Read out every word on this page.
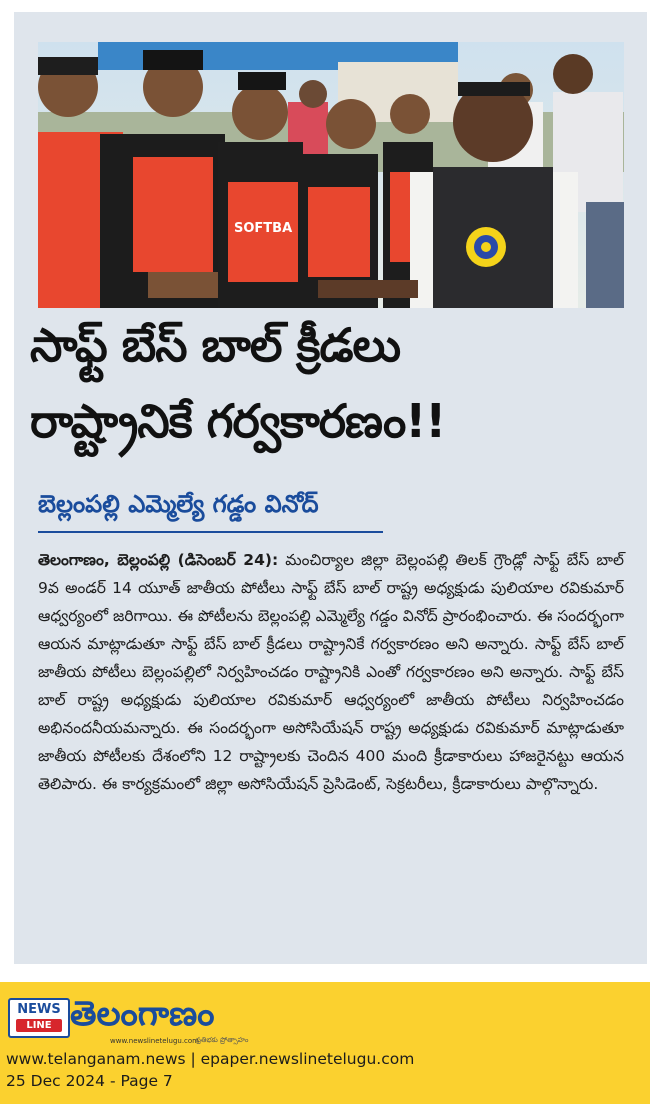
SOFTBA
సాఫ్ట్ బేస్ బాల్ క్రీడలు
రాష్ట్రానికే గర్వకారణం!!
బెల్లంపల్లి ఎమ్మెల్యే గడ్డం వినోద్
తెలంగాణం, బెల్లంపల్లి (డిసెంబర్ 24): మంచిర్యాల జిల్లా బెల్లంపల్లి తిలక్ గ్రౌండ్లో సాఫ్ట్ బేస్ బాల్ 9వ అండర్ 14 యూత్ జాతీయ పోటీలు సాఫ్ట్ బేస్ బాల్ రాష్ట్ర అధ్యక్షుడు పులియాల రవికుమార్ ఆధ్వర్యంలో జరిగాయి. ఈ పోటీలను బెల్లంపల్లి ఎమ్మెల్యే గడ్డం వినోద్ ప్రారంభించారు. ఈ సందర్భంగా ఆయన మాట్లాడుతూ సాఫ్ట్ బేస్ బాల్ క్రీడలు రాష్ట్రానికే గర్వకారణం అని అన్నారు. సాఫ్ట్ బేస్ బాల్ జాతీయ పోటీలు బెల్లంపల్లిలో నిర్వహించడం రాష్ట్రానికి ఎంతో గర్వకారణం అని అన్నారు. సాఫ్ట్ బేస్ బాల్ రాష్ట్ర అధ్యక్షుడు పులియాల రవికుమార్ ఆధ్వర్యంలో జాతీయ పోటీలు నిర్వహించడం అభినందనీయమన్నారు. ఈ సందర్భంగా అసోసియేషన్ రాష్ట్ర అధ్యక్షుడు రవికుమార్ మాట్లాడుతూ జాతీయ పోటీలకు దేశంలోని 12 రాష్ట్రాలకు చెందిన 400 మంది క్రీడాకారులు హాజరైనట్టు ఆయన తెలిపారు. ఈ కార్యక్రమంలో జిల్లా అసోసియేషన్ ప్రెసిడెంట్, సెక్రటరీలు, క్రీడాకారులు పాల్గొన్నారు.
NEWS
LINE తెలంగాణం
ప్రతిభకు ప్రోత్సాహం
www.newslinetelugu.com
www.telanganam.news | epaper.newslinetelugu.com
25 Dec 2024 - Page 7
